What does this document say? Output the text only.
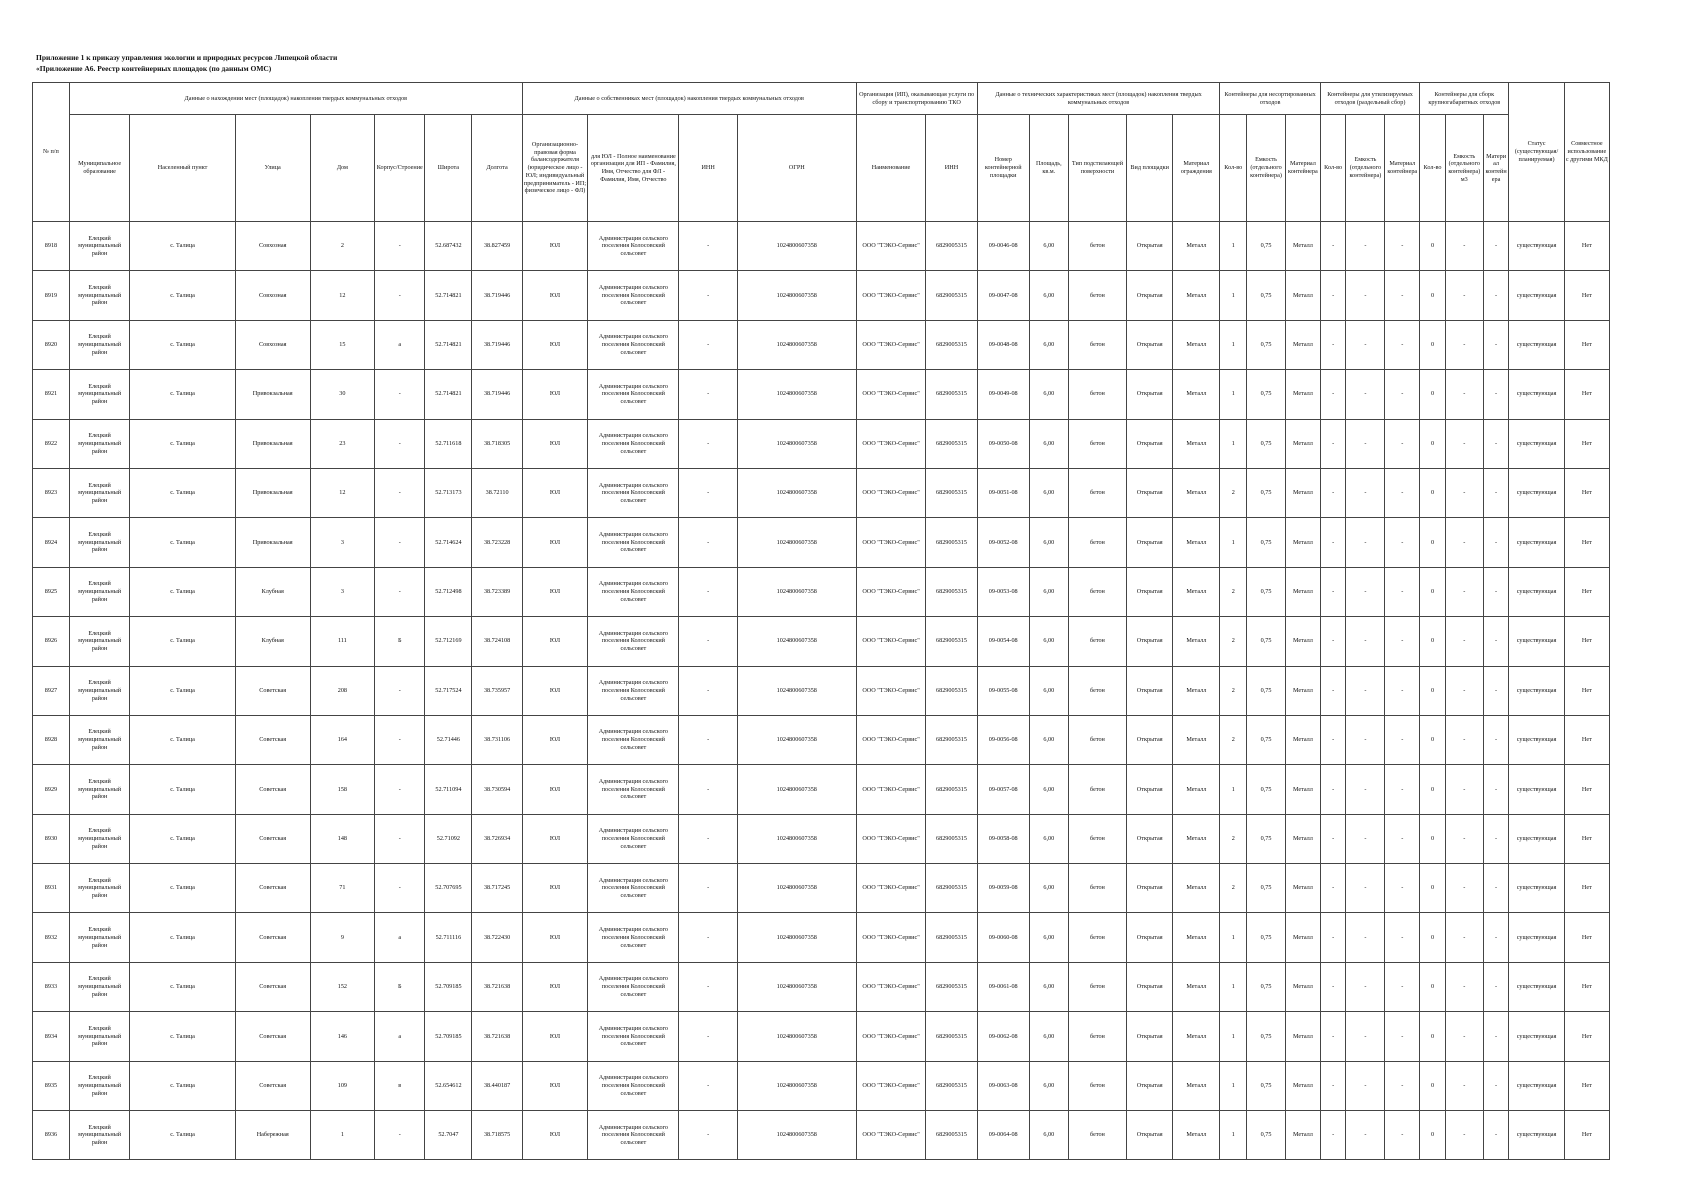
Приложение 1 к приказу управления экологии и природных ресурсов Липецкой области
«Приложение А6. Реестр контейнерных площадок (по данным ОМС)
№ п/п	Данные о нахождении мест (площадок) накопления твердых коммунальных отходов							Данные о собственниках мест (площадок) накопления твердых коммунальных отходов				Организация (ИП), оказывающая услуги по сбору и транспортированию ТКО		Данные о технических характеристиках мест (площадок) накопления твердых коммунальных отходов					Контейнеры для несортированных отходов			Контейнеры для утилизируемых отходов (раздельный сбор)			Контейнеры для сборк крупногабаритных отходов			Статус (существующая/ планируемая)	Совместное использование с другими МКД
	Муниципальное образование	Населенный пункт	Улица	Дом	Корпус/Строение	Широта	Долгота	Организационно-правовая форма балансодержателя (юридическое лицо - ЮЛ; индивидуальный предприниматель - ИП; физическое лицо - ФЛ)	для ЮЛ - Полное наименование организации для ИП - Фамилия, Имя, Отчество для ФЛ - Фамилия, Имя, Отчество	ИНН	ОГРН	Наименование	ИНН	Номер контейнерной площадки	Площадь, кв.м.	Тип подстилающей поверхности	Вид площадки	Материал ограждения	Кол-во	Емкость (отдельного контейнера)	Материал контейнера	Кол-во	Емкость (отдельного контейнера)	Материал контейнера	Кол-во	Емкость (отдельного контейнера) м3	Материал контейнера		
8918	Елецкий муниципальный район	с. Талица	Совхозная	2	-	52.687432	38.827459	ЮЛ	Администрация сельского поселения Колосовский сельсовет	-	1024800607358	ООО "ТЭКО-Сервис"	6829005315	09-0046-08	6,00	бетон	Открытая	Металл	1	0,75	Металл	-	-	-	0	-	-	существующая	Нет
8919	Елецкий муниципальный район	с. Талица	Совхозная	12	-	52.714821	38.719446	ЮЛ	Администрация сельского поселения Колосовский сельсовет	-	1024800607358	ООО "ТЭКО-Сервис"	6829005315	09-0047-08	6,00	бетон	Открытая	Металл	1	0,75	Металл	-	-	-	0	-	-	существующая	Нет
8920	Елецкий муниципальный район	с. Талица	Совхозная	15	а	52.714821	38.719446	ЮЛ	Администрация сельского поселения Колосовский сельсовет	-	1024800607358	ООО "ТЭКО-Сервис"	6829005315	09-0048-08	6,00	бетон	Открытая	Металл	1	0,75	Металл	-	-	-	0	-	-	существующая	Нет
8921	Елецкий муниципальный район	с. Талица	Привокзальная	30	-	52.714821	38.719446	ЮЛ	Администрация сельского поселения Колосовский сельсовет	-	1024800607358	ООО "ТЭКО-Сервис"	6829005315	09-0049-08	6,00	бетон	Открытая	Металл	1	0,75	Металл	-	-	-	0	-	-	существующая	Нет
8922	Елецкий муниципальный район	с. Талица	Привокзальная	23	-	52.711618	38.718305	ЮЛ	Администрация сельского поселения Колосовский сельсовет	-	1024800607358	ООО "ТЭКО-Сервис"	6829005315	09-0050-08	6,00	бетон	Открытая	Металл	1	0,75	Металл	-	-	-	0	-	-	существующая	Нет
8923	Елецкий муниципальный район	с. Талица	Привокзальная	12	-	52.713173	38.72110	ЮЛ	Администрация сельского поселения Колосовский сельсовет	-	1024800607358	ООО "ТЭКО-Сервис"	6829005315	09-0051-08	6,00	бетон	Открытая	Металл	2	0,75	Металл	-	-	-	0	-	-	существующая	Нет
8924	Елецкий муниципальный район	с. Талица	Привокзальная	3	-	52.714624	38.723228	ЮЛ	Администрация сельского поселения Колосовский сельсовет	-	1024800607358	ООО "ТЭКО-Сервис"	6829005315	09-0052-08	6,00	бетон	Открытая	Металл	1	0,75	Металл	-	-	-	0	-	-	существующая	Нет
8925	Елецкий муниципальный район	с. Талица	Клубная	3	-	52.712498	38.723389	ЮЛ	Администрация сельского поселения Колосовский сельсовет	-	1024800607358	ООО "ТЭКО-Сервис"	6829005315	09-0053-08	6,00	бетон	Открытая	Металл	2	0,75	Металл	-	-	-	0	-	-	существующая	Нет
8926	Елецкий муниципальный район	с. Талица	Клубная	111	Б	52.712169	38.724108	ЮЛ	Администрация сельского поселения Колосовский сельсовет	-	1024800607358	ООО "ТЭКО-Сервис"	6829005315	09-0054-08	6,00	бетон	Открытая	Металл	2	0,75	Металл	-	-	-	0	-	-	существующая	Нет
8927	Елецкий муниципальный район	с. Талица	Советская	208	-	52.717524	38.735957	ЮЛ	Администрация сельского поселения Колосовский сельсовет	-	1024800607358	ООО "ТЭКО-Сервис"	6829005315	09-0055-08	6,00	бетон	Открытая	Металл	2	0,75	Металл	-	-	-	0	-	-	существующая	Нет
8928	Елецкий муниципальный район	с. Талица	Советская	164	-	52.71446	38.731106	ЮЛ	Администрация сельского поселения Колосовский сельсовет	-	1024800607358	ООО "ТЭКО-Сервис"	6829005315	09-0056-08	6,00	бетон	Открытая	Металл	2	0,75	Металл	-	-	-	0	-	-	существующая	Нет
8929	Елецкий муниципальный район	с. Талица	Советская	158	-	52.711094	38.730594	ЮЛ	Администрация сельского поселения Колосовский сельсовет	-	1024800607358	ООО "ТЭКО-Сервис"	6829005315	09-0057-08	6,00	бетон	Открытая	Металл	1	0,75	Металл	-	-	-	0	-	-	существующая	Нет
8930	Елецкий муниципальный район	с. Талица	Советская	148	-	52.71092	38.726934	ЮЛ	Администрация сельского поселения Колосовский сельсовет	-	1024800607358	ООО "ТЭКО-Сервис"	6829005315	09-0058-08	6,00	бетон	Открытая	Металл	2	0,75	Металл	-	-	-	0	-	-	существующая	Нет
8931	Елецкий муниципальный район	с. Талица	Советская	71	-	52.707695	38.717245	ЮЛ	Администрация сельского поселения Колосовский сельсовет	-	1024800607358	ООО "ТЭКО-Сервис"	6829005315	09-0059-08	6,00	бетон	Открытая	Металл	2	0,75	Металл	-	-	-	0	-	-	существующая	Нет
8932	Елецкий муниципальный район	с. Талица	Советская	9	а	52.711116	38.722430	ЮЛ	Администрация сельского поселения Колосовский сельсовет	-	1024800607358	ООО "ТЭКО-Сервис"	6829005315	09-0060-08	6,00	бетон	Открытая	Металл	1	0,75	Металл	-	-	-	0	-	-	существующая	Нет
8933	Елецкий муниципальный район	с. Талица	Советская	152	Б	52.709185	38.721638	ЮЛ	Администрация сельского поселения Колосовский сельсовет	-	1024800607358	ООО "ТЭКО-Сервис"	6829005315	09-0061-08	6,00	бетон	Открытая	Металл	1	0,75	Металл	-	-	-	0	-	-	существующая	Нет
8934	Елецкий муниципальный район	с. Талица	Советская	146	а	52.709185	38.721638	ЮЛ	Администрация сельского поселения Колосовский сельсовет	-	1024800607358	ООО "ТЭКО-Сервис"	6829005315	09-0062-08	6,00	бетон	Открытая	Металл	1	0,75	Металл	-	-	-	0	-	-	существующая	Нет
8935	Елецкий муниципальный район	с. Талица	Советская	109	в	52.654612	38.440187	ЮЛ	Администрация сельского поселения Колосовский сельсовет	-	1024800607358	ООО "ТЭКО-Сервис"	6829005315	09-0063-08	6,00	бетон	Открытая	Металл	1	0,75	Металл	-	-	-	0	-	-	существующая	Нет
8936	Елецкий муниципальный район	с. Талица	Набережная	1	-	52.7047	38.718575	ЮЛ	Администрация сельского поселения Колосовский сельсовет	-	1024800607358	ООО "ТЭКО-Сервис"	6829005315	09-0064-08	6,00	бетон	Открытая	Металл	1	0,75	Металл	-	-	-	0	-	-	существующая	Нет
